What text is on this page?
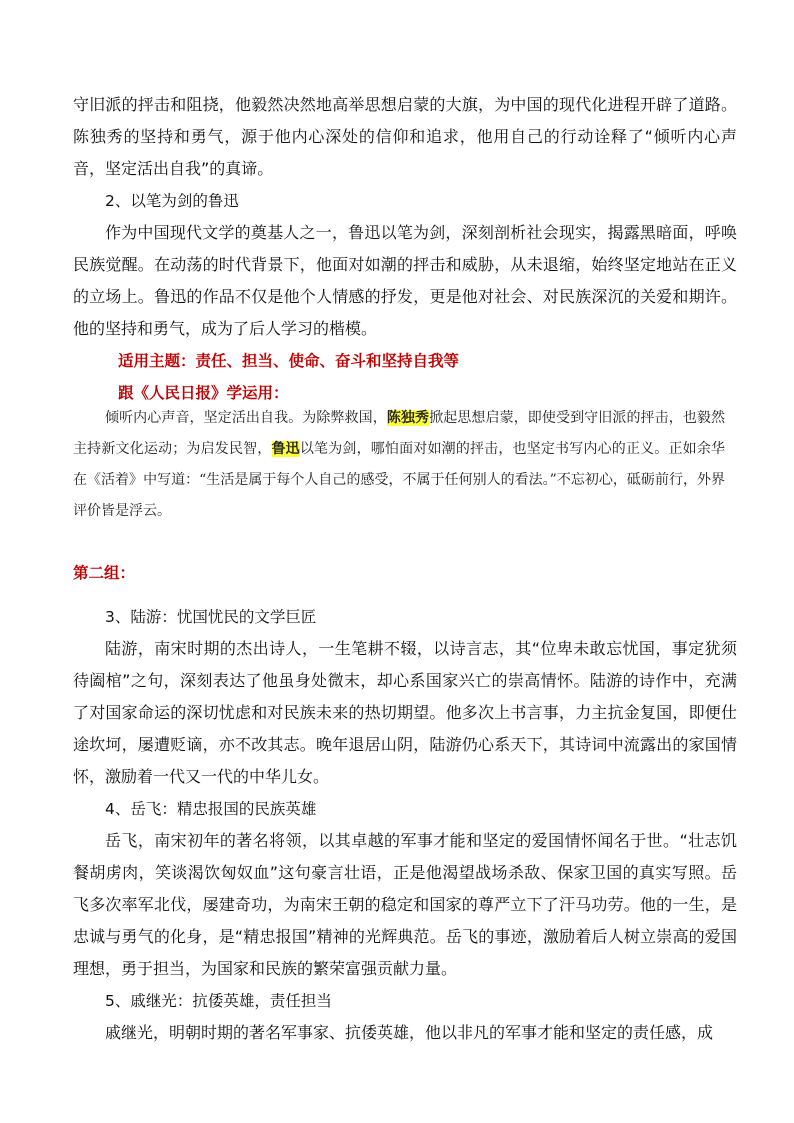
守旧派的抨击和阻挠，他毅然决然地高举思想启蒙的大旗，为中国的现代化进程开辟了道路。陈独秀的坚持和勇气，源于他内心深处的信仰和追求，他用自己的行动诠释了“倾听内心声音，坚定活出自我”的真谛。

2、以笔为剑的鲁迅

作为中国现代文学的奠基人之一，鲁迅以笔为剑，深刻剖析社会现实，揭露黑暗面，呼唤民族觉醒。在动荡的时代背景下，他面对如潮的抨击和威胁，从未退缩，始终坚定地站在正义的立场上。鲁迅的作品不仅是他个人情感的抒发，更是他对社会、对民族深沉的关爱和期许。他的坚持和勇气，成为了后人学习的楷模。

适用主题：责任、担当、使命、奋斗和坚持自我等

跟《人民日报》学运用：

倾听内心声音，坚定活出自我。为除弊救国，陈独秀掀起思想启蒙，即使受到守旧派的抨击，也毅然主持新文化运动；为启发民智，鲁迅以笔为剑，哪怕面对如潮的抨击，也坚定书写内心的正义。正如余华在《活着》中写道：“生活是属于每个人自己的感受，不属于任何别人的看法。”不忘初心，砥砺前行，外界评价皆是浮云。

第二组：

3、陆游：忧国忧民的文学巨匠

陆游，南宋时期的杰出诗人，一生笔耕不辍，以诗言志，其“位卑未敢忘忧国，事定犹须待阖棺”之句，深刻表达了他虽身处微末，却心系国家兴亡的崇高情怀。陆游的诗作中，充满了对国家命运的深切忧虑和对民族未来的热切期望。他多次上书言事，力主抗金复国，即便仕途坎坷，屡遭贬谪，亦不改其志。晚年退居山阴，陆游仍心系天下，其诗词中流露出的家国情怀，激励着一代又一代的中华儿女。

4、岳飞：精忠报国的民族英雄

岳飞，南宋初年的著名将领，以其卓越的军事才能和坚定的爱国情怀闻名于世。“壮志饥餐胡虏肉，笑谈渴饮匈奴血”这句豪言壮语，正是他渴望战场杀敌、保家卫国的真实写照。岳飞多次率军北伐，屡建奇功，为南宋王朝的稳定和国家的尊严立下了汗马功劳。他的一生，是忠诚与勇气的化身，是“精忠报国”精神的光辉典范。岳飞的事迹，激励着后人树立崇高的爱国理想，勇于担当，为国家和民族的繁荣富强贡献力量。

5、戚继光：抗倭英雄，责任担当

戚继光，明朝时期的著名军事家、抗倭英雄，他以非凡的军事才能和坚定的责任感，成
